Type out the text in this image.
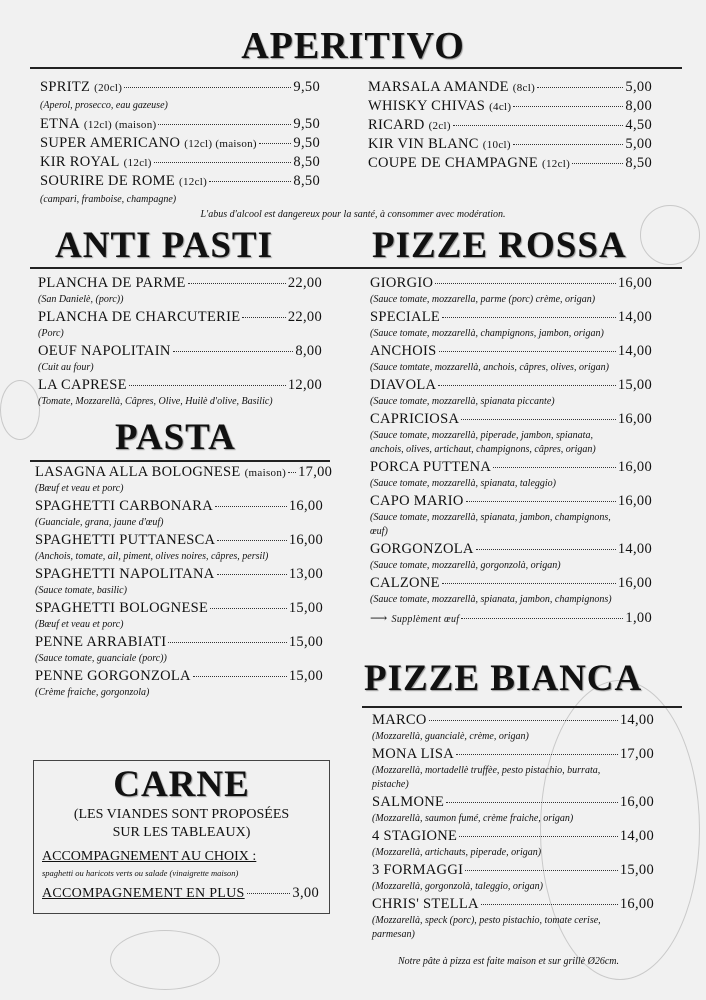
APERITIVO
SPRITZ (20cl)	9,50
(Aperol, prosecco, eau gazeuse)
ETNA (12cl) (maison)	9,50
SUPER AMERICANO (12cl) (maison)	9,50
KIR ROYAL (12cl)	8,50
SOURIRE DE ROME (12cl)	8,50
(campari, framboise, champagne)
MARSALA AMANDE (8cl)	5,00
WHISKY CHIVAS (4cl)	8,00
RICARD (2cl)	4,50
KIR VIN BLANC (10cl)	5,00
COUPE DE CHAMPAGNE (12cl)	8,50
L'abus d'alcool est dangereux pour la santé, à consommer avec modération.
ANTI PASTI	PIZZE ROSSA
PLANCHA DE PARME	22,00
(San Danielè, (porc))
PLANCHA DE CHARCUTERIE	22,00
(Porc)
OEUF NAPOLITAIN	8,00
(Cuit au four)
LA CAPRESE	12,00
(Tomate, Mozzarellà, Câpres, Olive, Huilè d'olive, Basilic)
GIORGIO	16,00
(Sauce tomate, mozzarella, parme (porc) crème, origan)
SPECIALE	14,00
(Sauce tomate, mozzarellà, champignons, jambon, origan)
ANCHOIS	14,00
(Sauce tomtate, mozzarellà, anchois, câpres, olives, origan)
DIAVOLA	15,00
(Sauce tomate, mozzarellà, spianata piccante)
CAPRICIOSA	16,00
(Sauce tomate, mozzarellà, piperade, jambon, spianata, anchois, olives, artichaut, champignons, câpres, origan)
PORCA PUTTENA	16,00
(Sauce tomate, mozzarellà, spianata, taleggio)
CAPO MARIO	16,00
(Sauce tomate, mozzarellà, spianata, jambon, champignons, œuf)
GORGONZOLA	14,00
(Sauce tomate, mozzarellà, gorgonzolà, origan)
CALZONE	16,00
(Sauce tomate, mozzarellà, spianata, jambon, champignons)
⟶ Supplèment œuf	1,00
PASTA
LASAGNA ALLA BOLOGNESE (maison) 17,00
(Bœuf et veau et porc)
SPAGHETTI CARBONARA	16,00
(Guanciale, grana, jaune d'œuf)
SPAGHETTI PUTTANESCA	16,00
(Anchois, tomate, ail, piment, olives noires, câpres, persil)
SPAGHETTI NAPOLITANA	13,00
(Sauce tomate, basilic)
SPAGHETTI BOLOGNESE	15,00
(Bœuf et veau et porc)
PENNE ARRABIATI	15,00
(Sauce tomate, guanciale (porc))
PENNE GORGONZOLA	15,00
(Crème fraiche, gorgonzola)
CARNE
(LES VIANDES SONT PROPOSÉES
SUR LES TABLEAUX)
ACCOMPAGNEMENT AU CHOIX :
spaghetti ou haricots verts ou salade (vinaigrette maison)
ACCOMPAGNEMENT EN PLUS	3,00
PIZZE BIANCA
MARCO	14,00
(Mozzarellà, guancialè, crème, origan)
MONA LISA	17,00
(Mozzarellà, mortadellè truffèe, pesto pistachio, burrata, pistache)
SALMONE	16,00
(Mozzarellà, saumon fumé, crème fraiche, origan)
4 STAGIONE	14,00
(Mozzarellà, artichauts, piperade, origan)
3 FORMAGGI	15,00
(Mozzarellà, gorgonzolà, taleggio, origan)
CHRIS' STELLA	16,00
(Mozzarellà, speck (porc), pesto pistachio, tomate cerise, parmesan)
Notre pâte à pizza est faite maison et sur grillè Ø26cm.
